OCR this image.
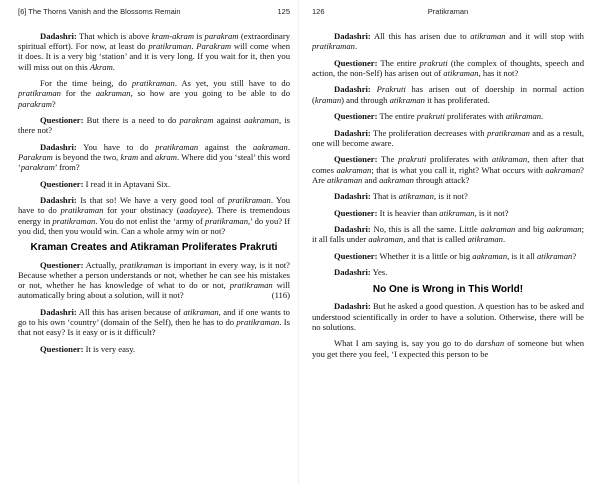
[6] The Thorns Vanish and the Blossoms Remain	125

Dadashri: That which is above kram-akram is parakram (extraordinary spiritual effort). For now, at least do pratikraman. Parakram will come when it does. It is a very big ‘station’ and it is very long. If you wait for it, then you will miss out on this Akram.

For the time being, do pratikraman. As yet, you still have to do pratikraman for the aakraman, so how are you going to be able to do parakram?

Questioner: But there is a need to do parakram against aakraman, is there not?

Dadashri: You have to do pratikraman against the aakraman. Parakram is beyond the two, kram and akram. Where did you ‘steal’ this word ‘parakram’ from?

Questioner: I read it in Aptavani Six.

Dadashri: Is that so! We have a very good tool of pratikraman. You have to do pratikraman for your obstinacy (aadayee). There is tremendous energy in pratikraman. You do not enlist the ‘army of pratikraman,’ do you? If you did, then you would win. Can a whole army win or not?

Kraman Creates and Atikraman Proliferates Prakruti

Questioner: Actually, pratikraman is important in every way, is it not? Because whether a person understands or not, whether he can see his mistakes or not, whether he has knowledge of what to do or not, pratikraman will automatically bring about a solution, will it not?	(116)

Dadashri: All this has arisen because of atikraman, and if one wants to go to his own ‘country’ (domain of the Self), then he has to do pratikraman. Is that not easy? Is it easy or is it difficult?

Questioner: It is very easy.

126	Pratikraman

Dadashri: All this has arisen due to atikraman and it will stop with pratikraman.

Questioner: The entire prakruti (the complex of thoughts, speech and action, the non-Self) has arisen out of atikraman, has it not?

Dadashri: Prakruti has arisen out of doership in normal action (kraman) and through atikraman it has proliferated.

Questioner: The entire prakruti proliferates with atikraman.

Dadashri: The proliferation decreases with pratikraman and as a result, one will become aware.

Questioner: The prakruti proliferates with atikraman, then after that comes aakraman; that is what you call it, right? What occurs with aakraman? Are atikraman and aakraman through attack?

Dadashri: That is atikraman, is it not?

Questioner: It is heavier than atikraman, is it not?

Dadashri: No, this is all the same. Little aakraman and big aakraman; it all falls under aakraman, and that is called atikraman.

Questioner: Whether it is a little or big aakraman, is it all atikraman?

Dadashri: Yes.

No One is Wrong in This World!

Dadashri: But he asked a good question. A question has to be asked and understood scientifically in order to have a solution. Otherwise, there will be no solutions.

What I am saying is, say you go to do darshan of someone but when you get there you feel, ‘I expected this person to be
